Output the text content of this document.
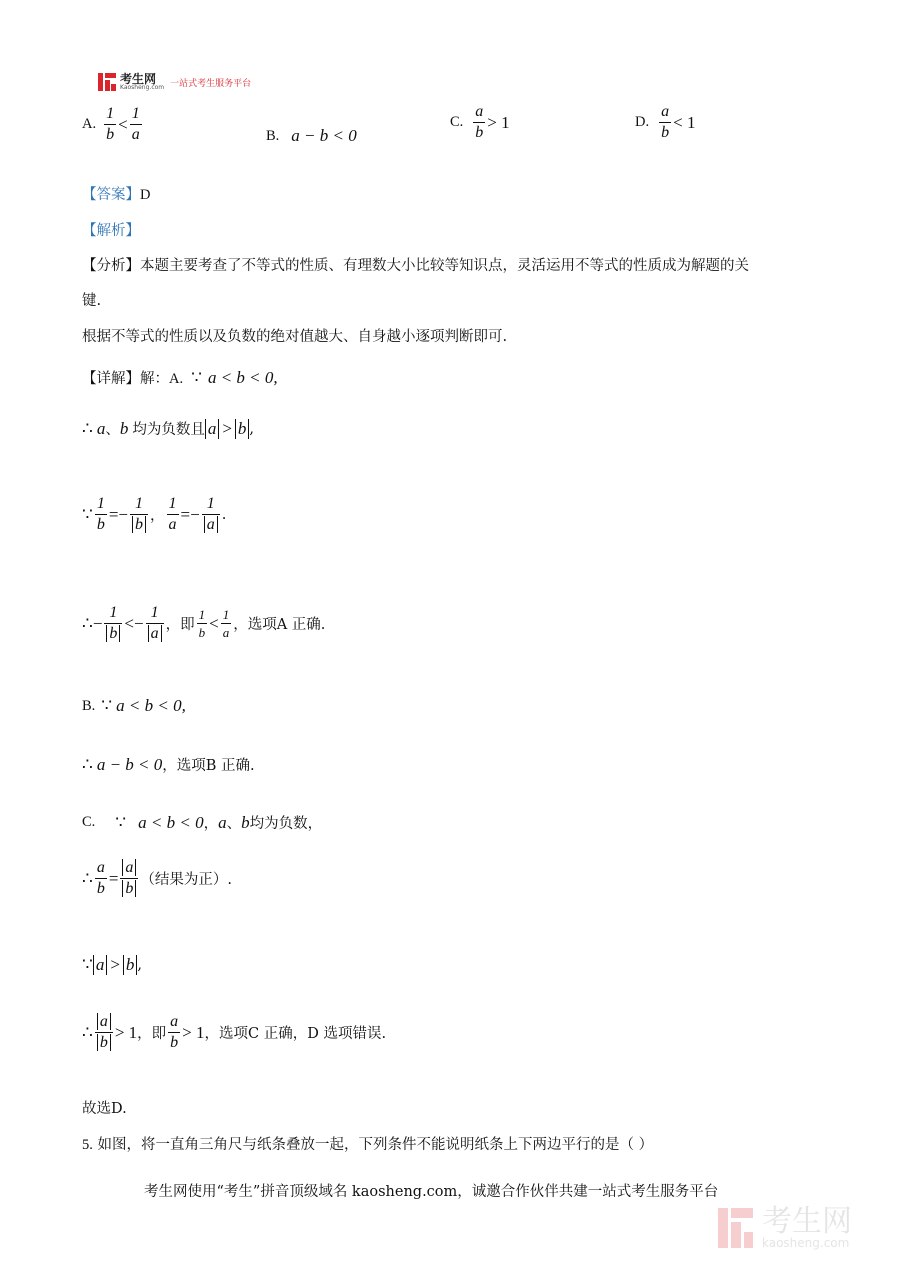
考生网
Kaosheng.com 一站式考生服务平台
A. $\frac{1}{b} < \frac{1}{a}$	B. a − b < 0
C. $\frac{a}{b} > 1$	D. $\frac{a}{b} < 1$
【答案】D
【解析】
【分析】本题主要考查了不等式的性质、有理数大小比较等知识点，灵活运用不等式的性质成为解题的关
键.
根据不等式的性质以及负数的绝对值越大、自身越小逐项判断即可.
【详解】 解：A. ∵ a < b < 0,
∴ a 、 b 均为负数且 a > b ,
∵ $\frac{1}{b}$ = − $\frac{1}{b}$ ， $\frac{1}{a}$ = − $\frac{1}{a}$ .
∴ − $\frac{1}{b}$ < − $\frac{1}{a}$ ，即 $\frac{1}{b} < \frac{1}{a}$ ，选项A 正确.
B. ∵ a < b < 0,
∴ a − b < 0 ，选项B 正确.
C. ∵ a < b < 0 ， a 、 b 均为负数，
∴ $\frac{a}{b} = \frac{a}{b}$ （结果为正）.
∵ a > b ,
∴ $\frac{a}{b} > 1$ ，即 $\frac{a}{b} > 1$ ，选项C 正确，D 选项错误.
故选D.
5. 如图，将一直角三角尺与纸条叠放一起，下列条件不能说明纸条上下两边平行的是（ ）
考生网使用“考生”拼音顶级域名 kaosheng.com，诚邀合作伙伴共建一站式考生服务平台
考生网
kaosheng.com
